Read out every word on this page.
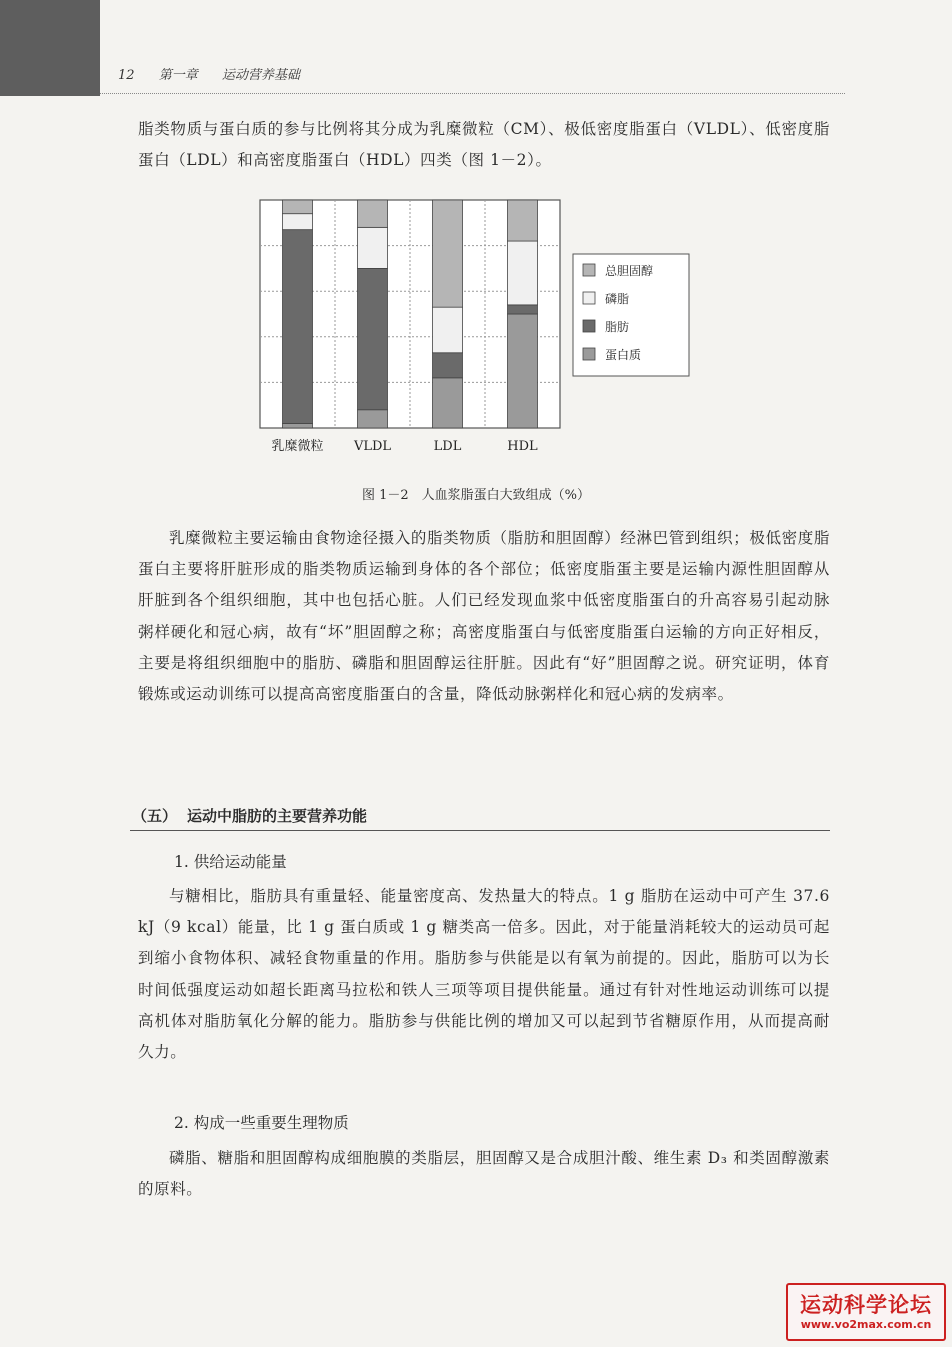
12 第一章 运动营养基础
脂类物质与蛋白质的参与比例将其分成为乳糜微粒（CM）、极低密度脂蛋白（VLDL）、低密度脂蛋白（LDL）和高密度脂蛋白（HDL）四类（图 1－2）。
乳糜微粒 VLDL	LDL	HDL
总胆固醇
磷脂
脂肪
蛋白质
图 1－2　人血浆脂蛋白大致组成（%）
乳糜微粒主要运输由食物途径摄入的脂类物质（脂肪和胆固醇）经淋巴管到组织；极低密度脂蛋白主要将肝脏形成的脂类物质运输到身体的各个部位；低密度脂蛋主要是运输内源性胆固醇从肝脏到各个组织细胞，其中也包括心脏。人们已经发现血浆中低密度脂蛋白的升高容易引起动脉粥样硬化和冠心病，故有“坏”胆固醇之称；高密度脂蛋白与低密度脂蛋白运输的方向正好相反，主要是将组织细胞中的脂肪、磷脂和胆固醇运往肝脏。因此有“好”胆固醇之说。研究证明，体育锻炼或运动训练可以提高高密度脂蛋白的含量，降低动脉粥样化和冠心病的发病率。
（五） 运动中脂肪的主要营养功能
1. 供给运动能量
与糖相比，脂肪具有重量轻、能量密度高、发热量大的特点。1 g 脂肪在运动中可产生 37.6 kJ（9 kcal）能量，比 1 g 蛋白质或 1 g 糖类高一倍多。因此，对于能量消耗较大的运动员可起到缩小食物体积、减轻食物重量的作用。脂肪参与供能是以有氧为前提的。因此，脂肪可以为长时间低强度运动如超长距离马拉松和铁人三项等项目提供能量。通过有针对性地运动训练可以提高机体对脂肪氧化分解的能力。脂肪参与供能比例的增加又可以起到节省糖原作用，从而提高耐久力。
2. 构成一些重要生理物质
磷脂、糖脂和胆固醇构成细胞膜的类脂层，胆固醇又是合成胆汁酸、维生素 D₃ 和类固醇激素的原料。
运动科学论坛
www.vo2max.com.cn
